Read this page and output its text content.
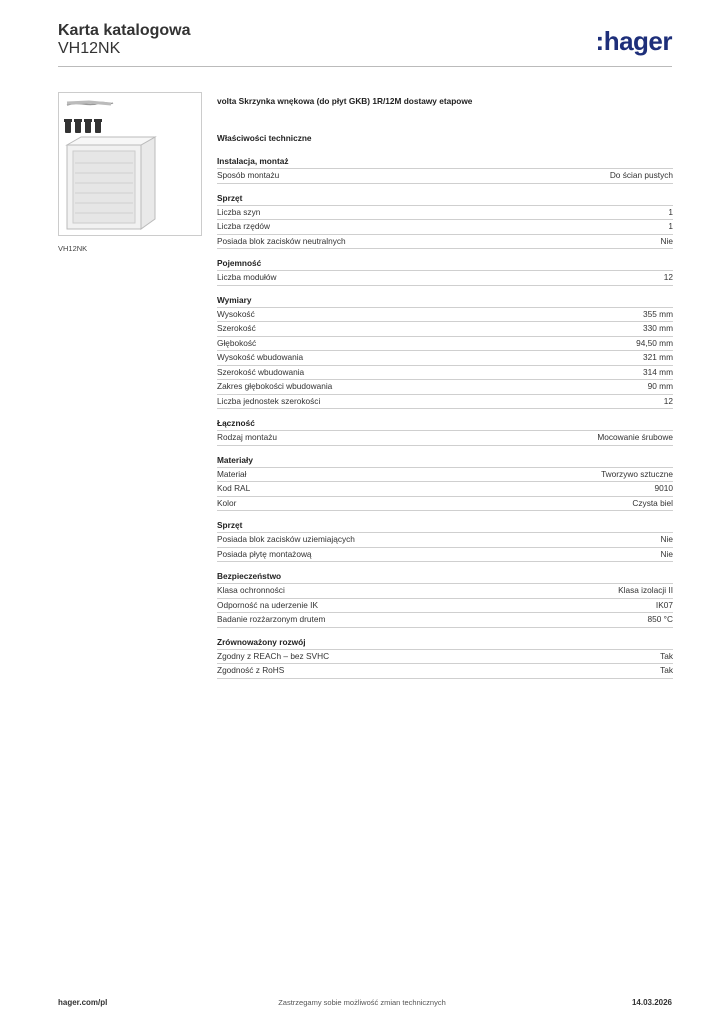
Karta katalogowa
VH12NK	:hager
VH12NK
volta Skrzynka wnękowa (do płyt GKB) 1R/12M dostawy etapowe
Właściwości techniczne
Instalacja, montaż
Sposób montażu	Do ścian pustych
Sprzęt
Liczba szyn	1
Liczba rzędów	1
Posiada blok zacisków neutralnych	Nie
Pojemność
Liczba modułów	12
Wymiary
Wysokość	355 mm
Szerokość	330 mm
Głębokość	94,50 mm
Wysokość wbudowania	321 mm
Szerokość wbudowania	314 mm
Zakres głębokości wbudowania	90 mm
Liczba jednostek szerokości	12
Łączność
Rodzaj montażu	Mocowanie śrubowe
Materiały
Materiał	Tworzywo sztuczne
Kod RAL	9010
Kolor	Czysta biel
Sprzęt
Posiada blok zacisków uziemiających	Nie
Posiada płytę montażową	Nie
Bezpieczeństwo
Klasa ochronności	Klasa izolacji II
Odporność na uderzenie IK	IK07
Badanie rozżarzonym drutem	850 °C
Zrównoważony rozwój
Zgodny z REACh – bez SVHC	Tak
Zgodność z RoHS	Tak
hager.com/pl	Zastrzegamy sobie możliwość zmian technicznych	14.03.2026
